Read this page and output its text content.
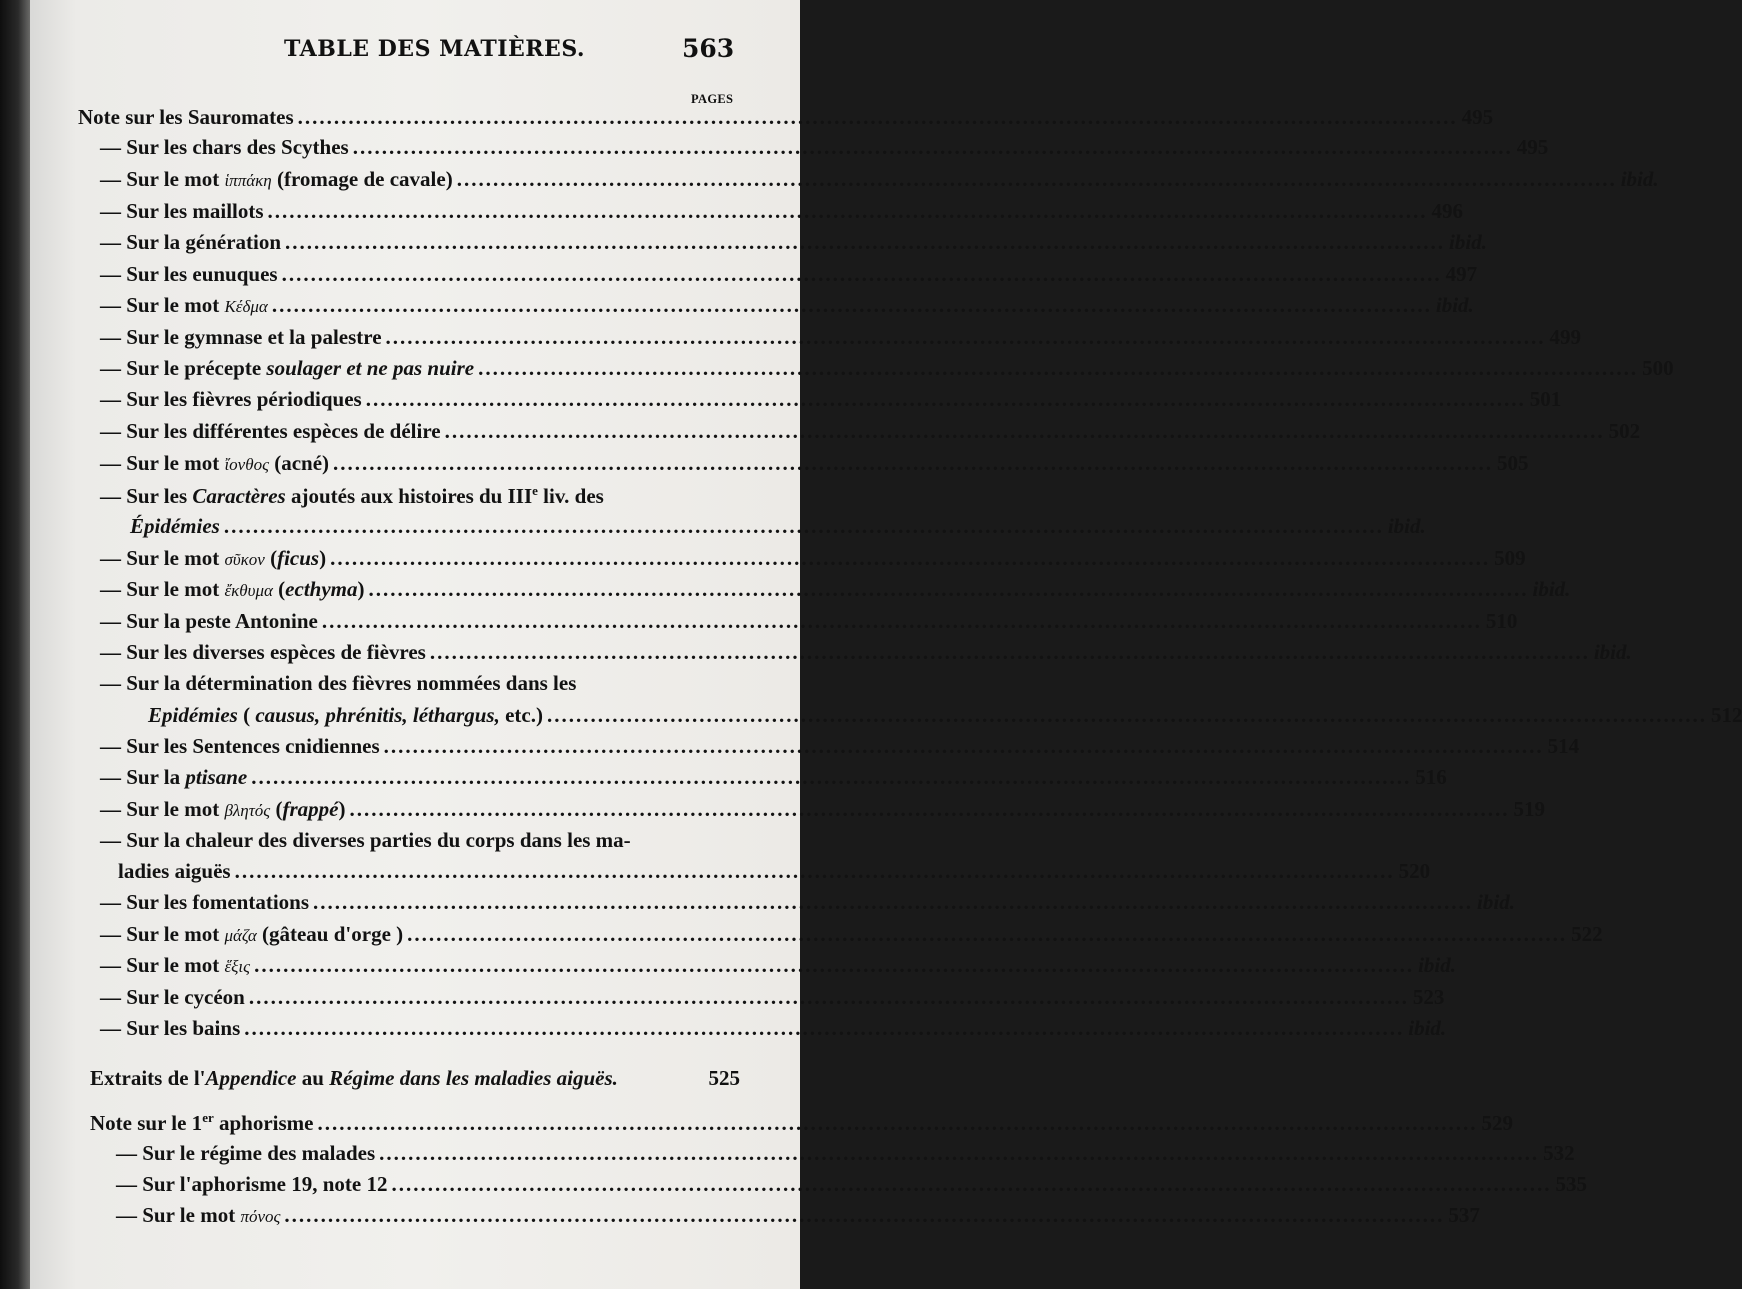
TABLE DES MATIÈRES.	563
PAGES
Note sur les Sauromates ................................................................................................................................................................ 495
— Sur les chars des Scythes ................................................................................................................................................................ 495
— Sur le mot ἱππάκη (fromage de cavale) ................................................................................................................................................................ ibid.
— Sur les maillots ................................................................................................................................................................ 496
— Sur la génération ................................................................................................................................................................ ibid.
— Sur les eunuques ................................................................................................................................................................ 497
— Sur le mot Κέδμα ................................................................................................................................................................ ibid.
— Sur le gymnase et la palestre ................................................................................................................................................................ 499
— Sur le précepte soulager et ne pas nuire ................................................................................................................................................................ 500
— Sur les fièvres périodiques ................................................................................................................................................................ 501
— Sur les différentes espèces de délire ................................................................................................................................................................ 502
— Sur le mot ἴονθος (acné) ................................................................................................................................................................ 505
— Sur les Caractères ajoutés aux histoires du IIIe liv. des
Épidémies ................................................................................................................................................................ ibid.
— Sur le mot σῦκον (ficus) ................................................................................................................................................................ 509
— Sur le mot ἔκθυμα (ecthyma) ................................................................................................................................................................ ibid.
— Sur la peste Antonine ................................................................................................................................................................ 510
— Sur les diverses espèces de fièvres ................................................................................................................................................................ ibid.
— Sur la détermination des fièvres nommées dans les
Epidémies ( causus, phrénitis, léthargus, etc.) ................................................................................................................................................................ 512
— Sur les Sentences cnidiennes ................................................................................................................................................................ 514
— Sur la ptisane ................................................................................................................................................................ 516
— Sur le mot βλητός (frappé) ................................................................................................................................................................ 519
— Sur la chaleur des diverses parties du corps dans les ma-
ladies aiguës ................................................................................................................................................................ 520
— Sur les fomentations ................................................................................................................................................................ ibid.
— Sur le mot μάζα (gâteau d'orge ) ................................................................................................................................................................ 522
— Sur le mot ἕξις ................................................................................................................................................................ ibid.
— Sur le cycéon ................................................................................................................................................................ 523
— Sur les bains ................................................................................................................................................................ ibid.
Extraits de l'Appendice au Régime dans les maladies aiguës.	525
Note sur le 1er aphorisme ................................................................................................................................................................ 529
— Sur le régime des malades ................................................................................................................................................................ 532
— Sur l'aphorisme 19, note 12 ................................................................................................................................................................ 535
— Sur le mot πόνος ................................................................................................................................................................ 537
